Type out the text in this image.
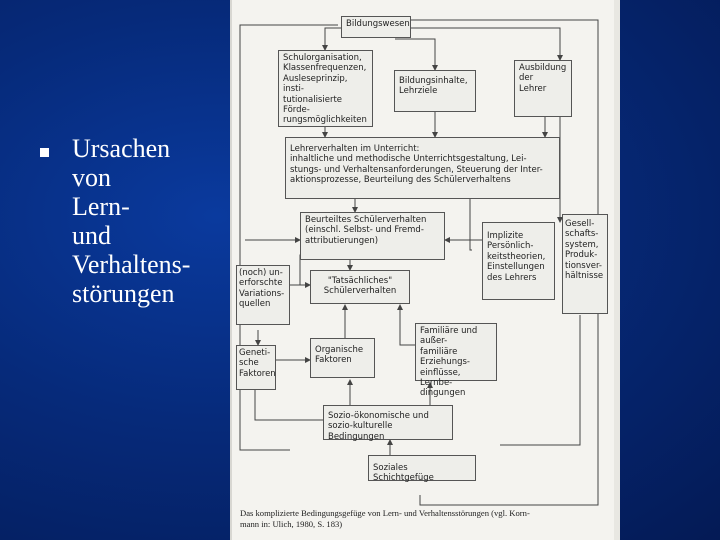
Ursachen
von
Lern-
und
Verhaltens-
störungen
Bildungswesen
Schulorganisation,
Klassenfrequenzen,
Ausleseprinzip, insti-
tutionalisierte Förde-
rungsmöglichkeiten
Bildungsinhalte,
Lehrziele
Ausbildung
der
Lehrer
Lehrerverhalten im Unterricht:
inhaltliche und methodische Unterrichtsgestaltung, Lei-
stungs- und Verhaltensanforderungen, Steuerung der Inter-
aktionsprozesse, Beurteilung des Schülerverhaltens
Beurteiltes Schülerverhalten
(einschl. Selbst- und Fremd-
attributierungen)	Implizite
Persönlich-
keitstheorien,
Einstellungen
des Lehrers
Gesell-
schafts-
system,
Produk-
tionsver-
hältnisse
(noch) un-
erforschte
Variations-
quellen
"Tatsächliches"
Schülerverhalten
Familiäre und außer-
familiäre Erziehungs-
einflüsse, Lernbe-
dingungen
Geneti-
sche
Faktoren
Organische
Faktoren
Sozio-ökonomische und
sozio-kulturelle Bedingungen
Soziales Schichtgefüge
Das komplizierte Bedingungsgefüge von Lern- und Verhaltensstörungen (vgl. Korn-
mann in: Ulich, 1980, S. 183)
